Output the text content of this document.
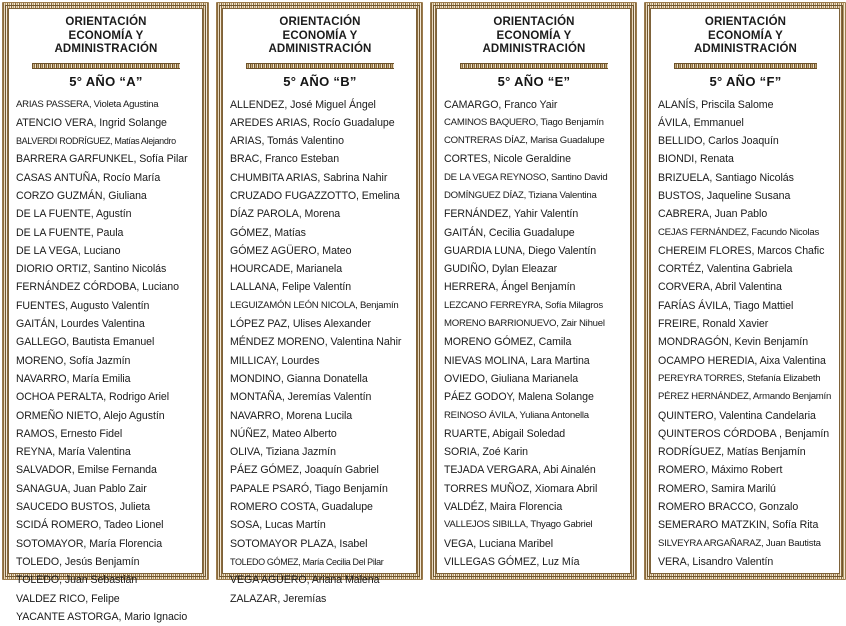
ORIENTACIÓN
ECONOMÍA Y ADMINISTRACIÓN
5° AÑO “A”
ARIAS PASSERA, Violeta Agustina
ATENCIO VERA, Ingrid Solange
BALVERDI RODRÍGUEZ, Matías Alejandro
BARRERA GARFUNKEL, Sofía Pilar
CASAS ANTUÑA, Rocío María
CORZO GUZMÁN, Giuliana
DE LA FUENTE, Agustín
DE LA FUENTE, Paula
DE LA VEGA, Luciano
DIORIO ORTIZ, Santino Nicolás
FERNÁNDEZ CÓRDOBA, Luciano
FUENTES, Augusto Valentín
GAITÁN, Lourdes Valentina
GALLEGO, Bautista Emanuel
MORENO, Sofía Jazmín
NAVARRO, María Emilia
OCHOA PERALTA, Rodrigo Ariel
ORMEÑO NIETO, Alejo Agustín
RAMOS, Ernesto Fidel
REYNA, María Valentina
SALVADOR, Emilse Fernanda
SANAGUA, Juan Pablo Zair
SAUCEDO BUSTOS, Julieta
SCIDÁ ROMERO, Tadeo Lionel
SOTOMAYOR, María Florencia
TOLEDO, Jesús Benjamín
TOLEDO, Juan Sebastián
VALDEZ RICO, Felipe
YACANTE ASTORGA, Mario Ignacio
ORIENTACIÓN
ECONOMÍA Y ADMINISTRACIÓN
5° AÑO “B”
ALLENDEZ, José Miguel Ángel
AREDES ARIAS, Rocío Guadalupe
ARIAS, Tomás Valentino
BRAC, Franco Esteban
CHUMBITA ARIAS, Sabrina Nahir
CRUZADO FUGAZZOTTO, Emelina
DÍAZ PAROLA, Morena
GÓMEZ, Matías
GÓMEZ AGÜERO, Mateo
HOURCADE, Marianela
LALLANA, Felipe Valentín
LEGUIZAMÓN LEÓN NICOLA, Benjamín
LÓPEZ PAZ, Ulises Alexander
MÉNDEZ MORENO, Valentina Nahir
MILLICAY, Lourdes
MONDINO, Gianna Donatella
MONTAÑA, Jeremías Valentín
NAVARRO, Morena Lucila
NÚÑEZ, Mateo Alberto
OLIVA, Tiziana Jazmín
PÁEZ GÓMEZ, Joaquín Gabriel
PAPALE PSARÓ, Tiago Benjamín
ROMERO COSTA, Guadalupe
SOSA, Lucas Martín
SOTOMAYOR PLAZA, Isabel
TOLEDO GÓMEZ, María Cecilia Del Pilar
VEGA AGÜERO, Ariana Malena
ZALAZAR, Jeremías
ORIENTACIÓN
ECONOMÍA Y ADMINISTRACIÓN
5° AÑO “E”
CAMARGO, Franco Yair
CAMINOS BAQUERO, Tiago Benjamín
CONTRERAS DÍAZ, Marisa Guadalupe
CORTES, Nicole Geraldine
DE LA VEGA REYNOSO, Santino David
DOMÍNGUEZ DÍAZ, Tiziana Valentina
FERNÁNDEZ, Yahir Valentín
GAITÁN, Cecilia Guadalupe
GUARDIA LUNA, Diego Valentín
GUDIÑO, Dylan Eleazar
HERRERA, Ángel Benjamín
LEZCANO FERREYRA, Sofía Milagros
MORENO BARRIONUEVO, Zair Nihuel
MORENO GÓMEZ, Camila
NIEVAS MOLINA, Lara Martina
OVIEDO, Giuliana Marianela
PÁEZ GODOY, Malena Solange
REINOSO ÁVILA, Yuliana Antonella
RUARTE, Abigail Soledad
SORIA, Zoé Karin
TEJADA VERGARA, Abi Ainalén
TORRES MUÑOZ, Xiomara Abril
VALDÉZ, Maira Florencia
VALLEJOS SIBILLA, Thyago Gabriel
VEGA, Luciana Maribel
VILLEGAS GÓMEZ, Luz Mía
ORIENTACIÓN
ECONOMÍA Y ADMINISTRACIÓN
5° AÑO “F”
ALANÍS, Priscila Salome
ÁVILA, Emmanuel
BELLIDO, Carlos Joaquín
BIONDI, Renata
BRIZUELA, Santiago Nicolás
BUSTOS, Jaqueline Susana
CABRERA, Juan Pablo
CEJAS FERNÁNDEZ, Facundo Nicolas
CHEREIM FLORES, Marcos Chafic
CORTÉZ, Valentina Gabriela
CORVERA, Abril Valentina
FARÍAS ÁVILA, Tiago Mattiel
FREIRE, Ronald Xavier
MONDRAGÓN, Kevin Benjamín
OCAMPO HEREDIA, Aixa Valentina
PEREYRA TORRES, Stefanía Elizabeth
PÉREZ HERNÁNDEZ, Armando Benjamín
QUINTERO, Valentina Candelaria
QUINTEROS CÓRDOBA , Benjamín
RODRÍGUEZ, Matías Benjamín
ROMERO, Máximo Robert
ROMERO, Samira Marilú
ROMERO BRACCO, Gonzalo
SEMERARO MATZKIN, Sofía Rita
SILVEYRA ARGAÑARAZ, Juan Bautista
VERA, Lisandro Valentín
